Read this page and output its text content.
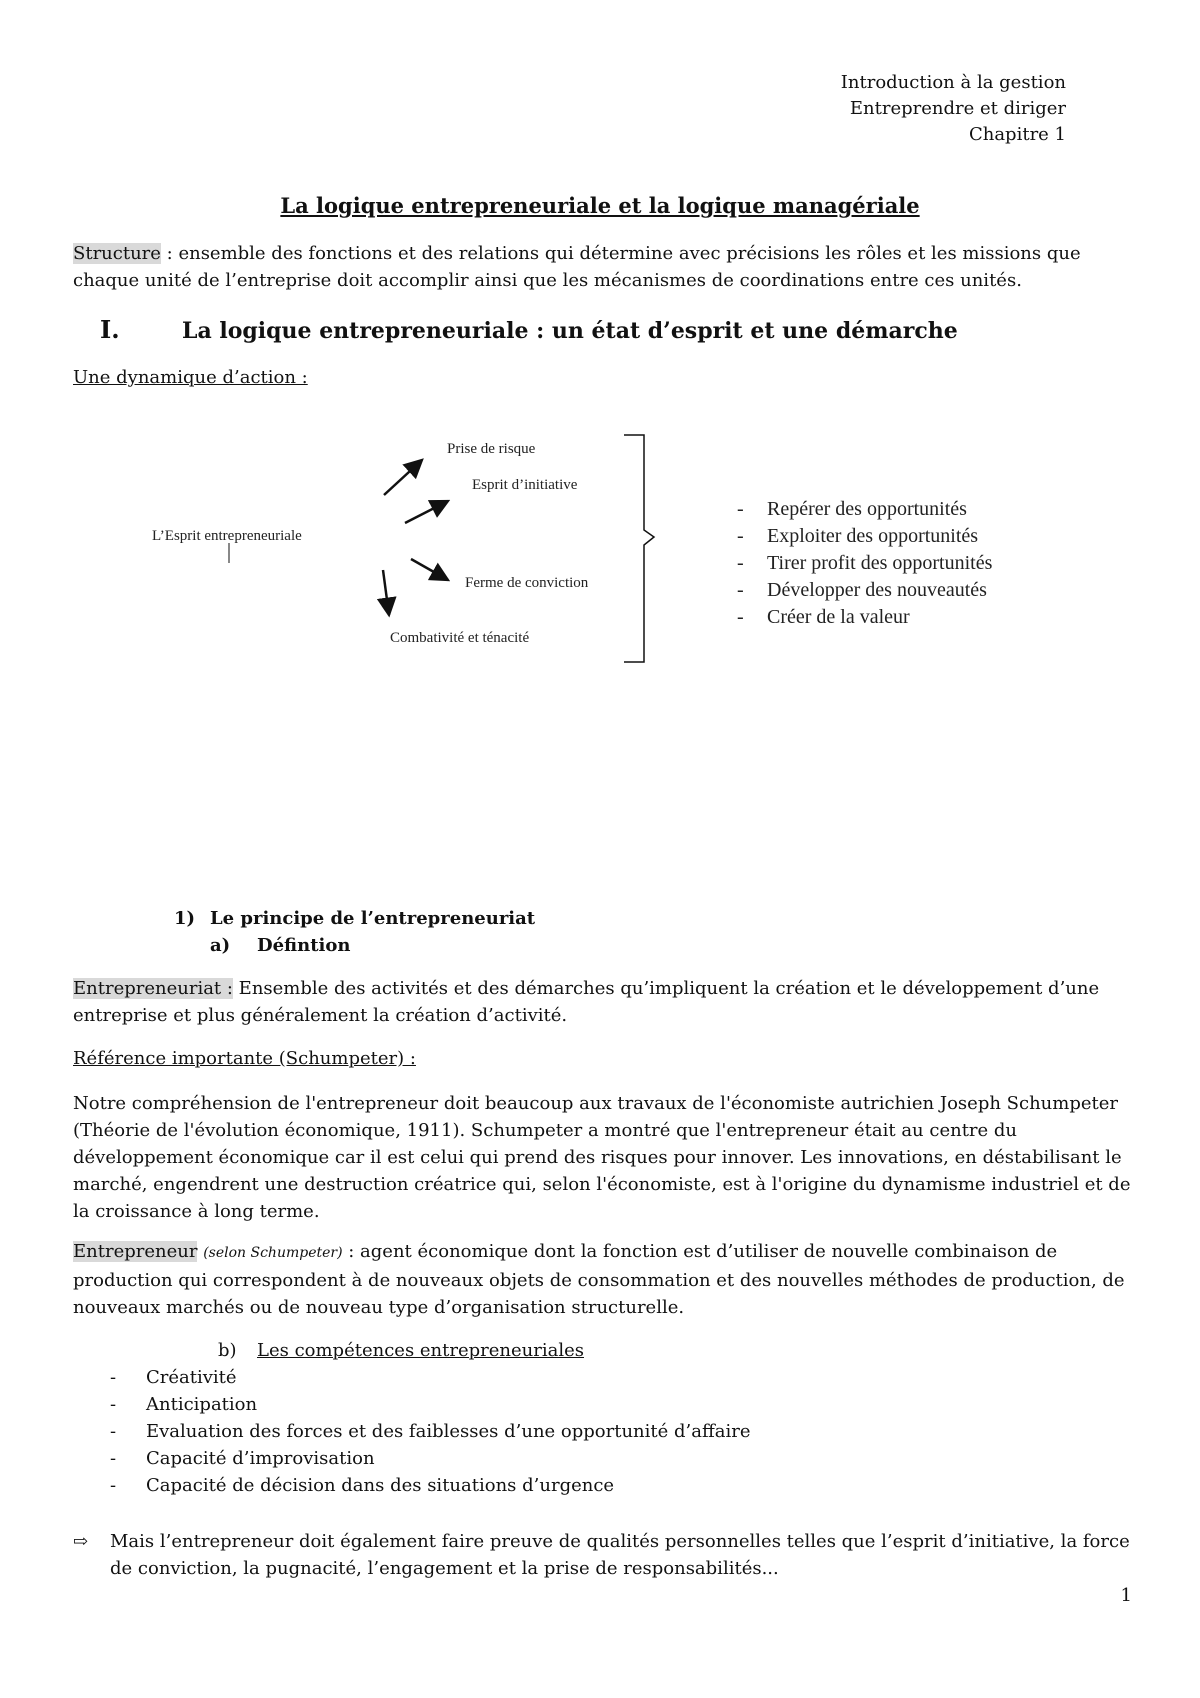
Introduction à la gestion
Entreprendre et diriger
Chapitre 1
La logique entrepreneuriale et la logique managériale
Structure : ensemble des fonctions et des relations qui détermine avec précisions les rôles et les missions que chaque unité de l’entreprise doit accomplir ainsi que les mécanismes de coordinations entre ces unités.
I.	La logique entrepreneuriale : un état d’esprit et une démarche
Une dynamique d’action :
L’Esprit entrepreneuriale
Prise de risque
Esprit d’initiative
Ferme de conviction
Combativité et ténacité
- Repérer des opportunités
- Exploiter des opportunités
- Tirer profit des opportunités
- Développer des nouveautés
- Créer de la valeur
1) Le principe de l’entrepreneuriat
a) Défintion
Entrepreneuriat : Ensemble des activités et des démarches qu’impliquent la création et le développement d’une entreprise et plus généralement la création d’activité.
Référence importante (Schumpeter) :
Notre compréhension de l'entrepreneur doit beaucoup aux travaux de l'économiste autrichien Joseph Schumpeter (Théorie de l'évolution économique, 1911). Schumpeter a montré que l'entrepreneur était au centre du développement économique car il est celui qui prend des risques pour innover. Les innovations, en déstabilisant le marché, engendrent une destruction créatrice qui, selon l'économiste, est à l'origine du dynamisme industriel et de la croissance à long terme.
Entrepreneur (selon Schumpeter) : agent économique dont la fonction est d’utiliser de nouvelle combinaison de production qui correspondent à de nouveaux objets de consommation et des nouvelles méthodes de production, de nouveaux marchés ou de nouveau type d’organisation structurelle.
b) Les compétences entrepreneuriales
- Créativité
- Anticipation
- Evaluation des forces et des faiblesses d’une opportunité d’affaire
- Capacité d’improvisation
- Capacité de décision dans des situations d’urgence
⇨	Mais l’entrepreneur doit également faire preuve de qualités personnelles telles que l’esprit d’initiative, la force de conviction, la pugnacité, l’engagement et la prise de responsabilités...
1
